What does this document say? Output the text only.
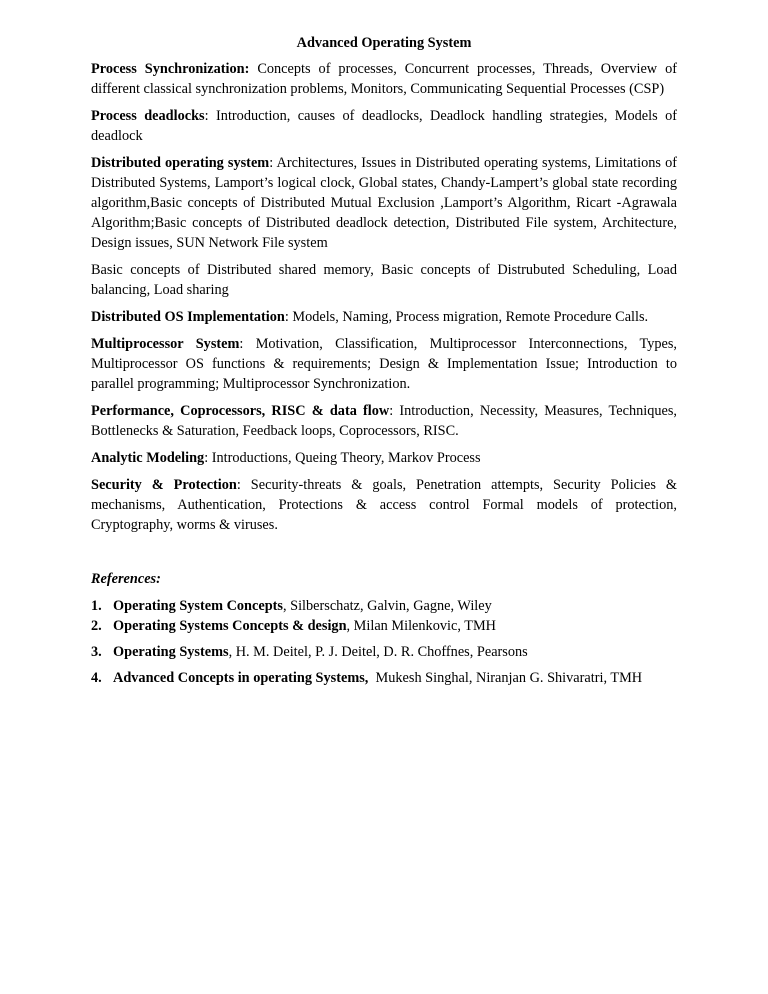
Advanced Operating System

Process Synchronization: Concepts of processes, Concurrent processes, Threads, Overview of different classical synchronization problems, Monitors, Communicating Sequential Processes (CSP)

Process deadlocks: Introduction, causes of deadlocks, Deadlock handling strategies, Models of deadlock

Distributed operating system: Architectures, Issues in Distributed operating systems, Limitations of Distributed Systems, Lamport’s logical clock, Global states, Chandy-Lampert’s global state recording algorithm,Basic concepts of Distributed Mutual Exclusion ,Lamport’s Algorithm, Ricart -Agrawala Algorithm;Basic concepts of Distributed deadlock detection, Distributed File system, Architecture, Design issues, SUN Network File system

Basic concepts of Distributed shared memory, Basic concepts of Distrubuted Scheduling, Load balancing, Load sharing

Distributed OS Implementation: Models, Naming, Process migration, Remote Procedure Calls.

Multiprocessor System: Motivation, Classification, Multiprocessor Interconnections, Types, Multiprocessor OS functions & requirements; Design & Implementation Issue; Introduction to parallel programming; Multiprocessor Synchronization.

Performance, Coprocessors, RISC & data flow: Introduction, Necessity, Measures, Techniques, Bottlenecks & Saturation, Feedback loops, Coprocessors, RISC.

Analytic Modeling: Introductions, Queing Theory, Markov Process

Security & Protection: Security-threats & goals, Penetration attempts, Security Policies & mechanisms, Authentication, Protections & access control Formal models of protection, Cryptography, worms & viruses.

References:
1. Operating System Concepts, Silberschatz, Galvin, Gagne, Wiley
2. Operating Systems Concepts & design, Milan Milenkovic, TMH
3. Operating Systems, H. M. Deitel, P. J. Deitel, D. R. Choffnes, Pearsons
4. Advanced Concepts in operating Systems,  Mukesh Singhal, Niranjan G. Shivaratri, TMH
